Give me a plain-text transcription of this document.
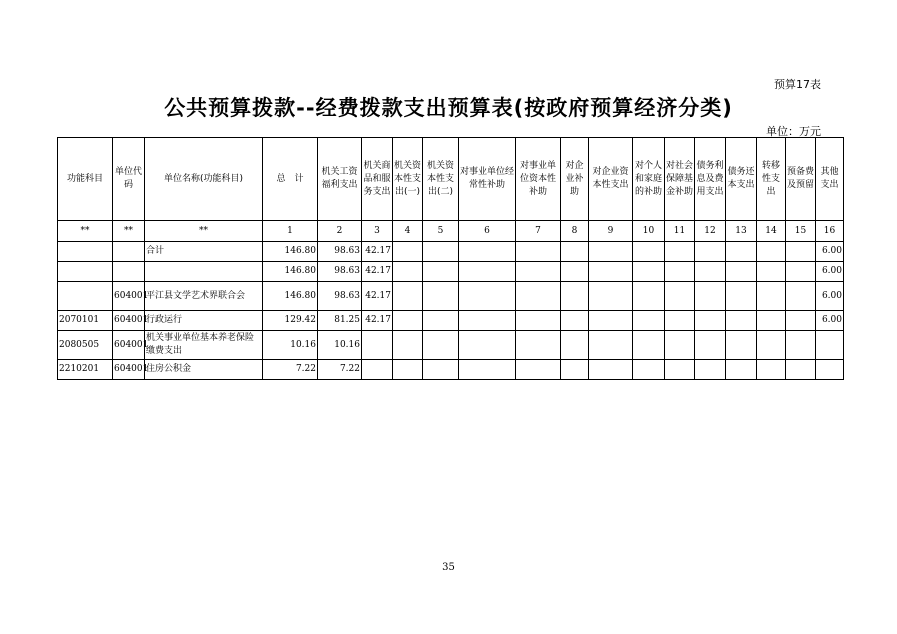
预算17表
公共预算拨款--经费拨款支出预算表(按政府预算经济分类)
单位：万元
功能科目	单位代码	单位名称(功能科目)	总　计	机关工资福利支出	机关商品和服务支出	机关资本性支出(一)	机关资本性支出(二)	对事业单位经常性补助	对事业单位资本性补助	对企业补助	对企业资本性支出	对个人和家庭的补助	对社会保障基金补助	债务利息及费用支出	债务还本支出	转移性支出	预备费及预留	其他支出
**	**	**	1	2	3	4	5	6	7	8	9	10	11	12	13	14	15	16
		合计	146.80	98.63	42.17													6.00
			146.80	98.63	42.17													6.00
	604001	平江县文学艺术界联合会	146.80	98.63	42.17													6.00
2070101	604001	行政运行	129.42	81.25	42.17													6.00
2080505	604001	机关事业单位基本养老保险缴费支出	10.16	10.16														
2210201	604001	住房公积金	7.22	7.22														
35
